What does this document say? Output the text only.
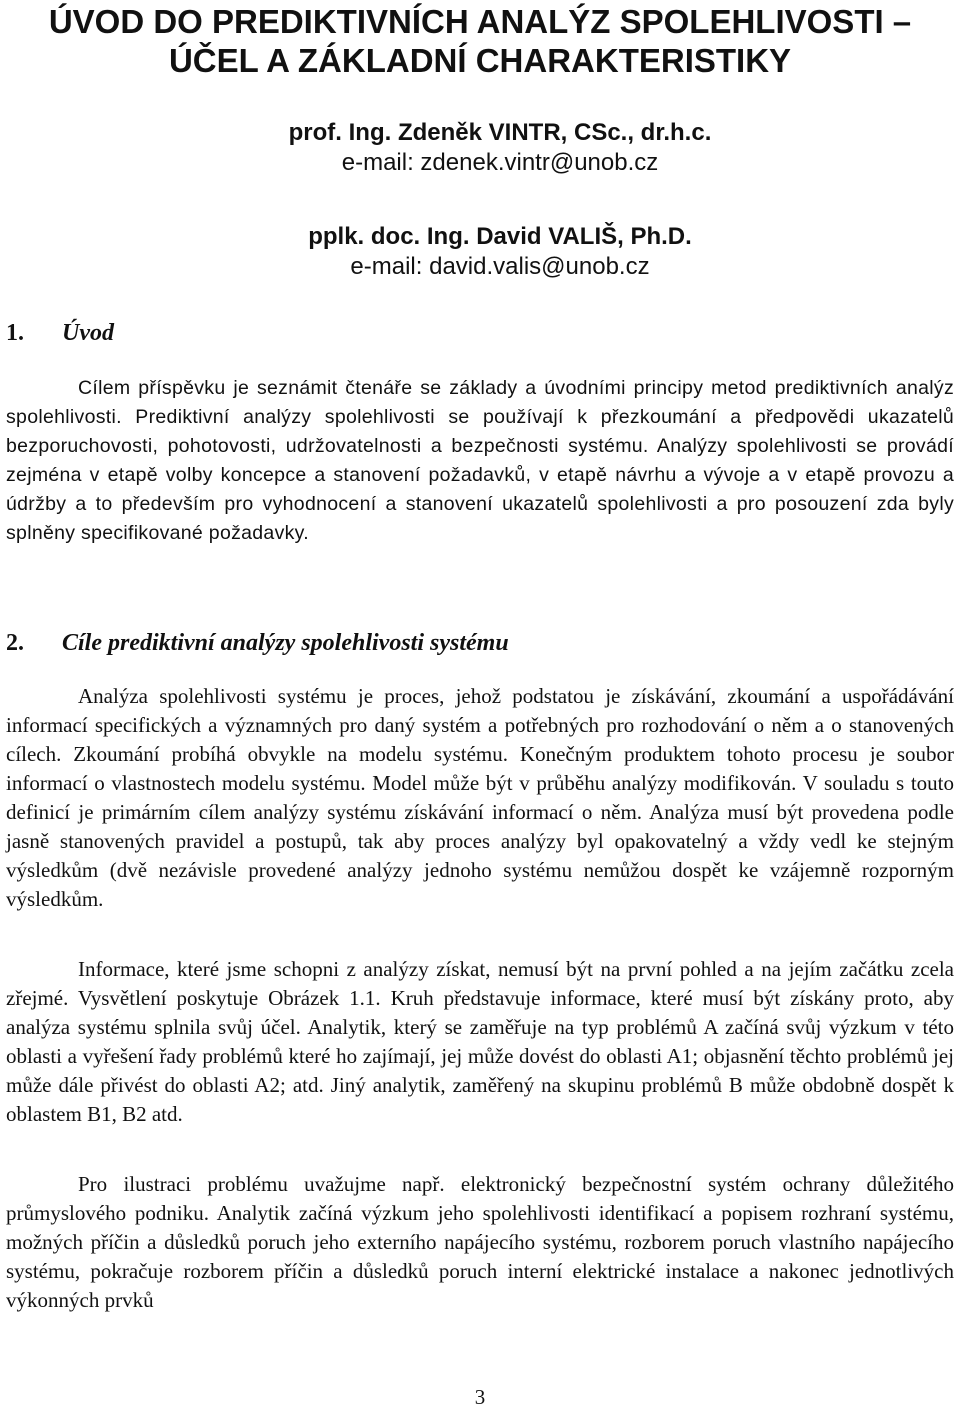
ÚVOD DO PREDIKTIVNÍCH ANALÝZ SPOLEHLIVOSTI –
ÚČEL A ZÁKLADNÍ CHARAKTERISTIKY
prof. Ing. Zdeněk VINTR, CSc., dr.h.c.
e-mail: zdenek.vintr@unob.cz
pplk. doc. Ing. David VALIŠ, Ph.D.
e-mail: david.valis@unob.cz
1. Úvod
Cílem příspěvku je seznámit čtenáře se základy a úvodními principy metod prediktivních analýz spolehlivosti. Prediktivní analýzy spolehlivosti se používají k přezkoumání a předpovědi ukazatelů bezporuchovosti, pohotovosti, udržovatelnosti a bezpečnosti systému. Analýzy spolehlivosti se provádí zejména v etapě volby koncepce a stanovení požadavků, v etapě návrhu a vývoje a v etapě provozu a údržby a to především pro vyhodnocení a stanovení ukazatelů spolehlivosti a pro posouzení zda byly splněny specifikované požadavky.
2. Cíle prediktivní analýzy spolehlivosti systému
Analýza spolehlivosti systému je proces, jehož podstatou je získávání, zkoumání a uspořádávání informací specifických a významných pro daný systém a potřebných pro rozhodování o něm a o stanovených cílech. Zkoumání probíhá obvykle na modelu systému. Konečným produktem tohoto procesu je soubor informací o vlastnostech modelu systému. Model může být v průběhu analýzy modifikován. V souladu s touto definicí je primárním cílem analýzy systému získávání informací o něm. Analýza musí být provedena podle jasně stanovených pravidel a postupů, tak aby proces analýzy byl opakovatelný a vždy vedl ke stejným výsledkům (dvě nezávisle provedené analýzy jednoho systému nemůžou dospět ke vzájemně rozporným výsledkům.
Informace, které jsme schopni z analýzy získat, nemusí být na první pohled a na jejím začátku zcela zřejmé. Vysvětlení poskytuje Obrázek 1.1. Kruh představuje informace, které musí být získány proto, aby analýza systému splnila svůj účel. Analytik, který se zaměřuje na typ problémů A začíná svůj výzkum v této oblasti a vyřešení řady problémů které ho zajímají, jej může dovést do oblasti A1; objasnění těchto problémů jej může dále přivést do oblasti A2; atd. Jiný analytik, zaměřený na skupinu problémů B může obdobně dospět k oblastem B1, B2 atd.
Pro ilustraci problému uvažujme např. elektronický bezpečnostní systém ochrany důležitého průmyslového podniku. Analytik začíná výzkum jeho spolehlivosti identifikací a popisem rozhraní systému, možných příčin a důsledků poruch jeho externího napájecího systému, rozborem poruch vlastního napájecího systému, pokračuje rozborem příčin a důsledků poruch interní elektrické instalace a nakonec jednotlivých výkonných prvků
3
